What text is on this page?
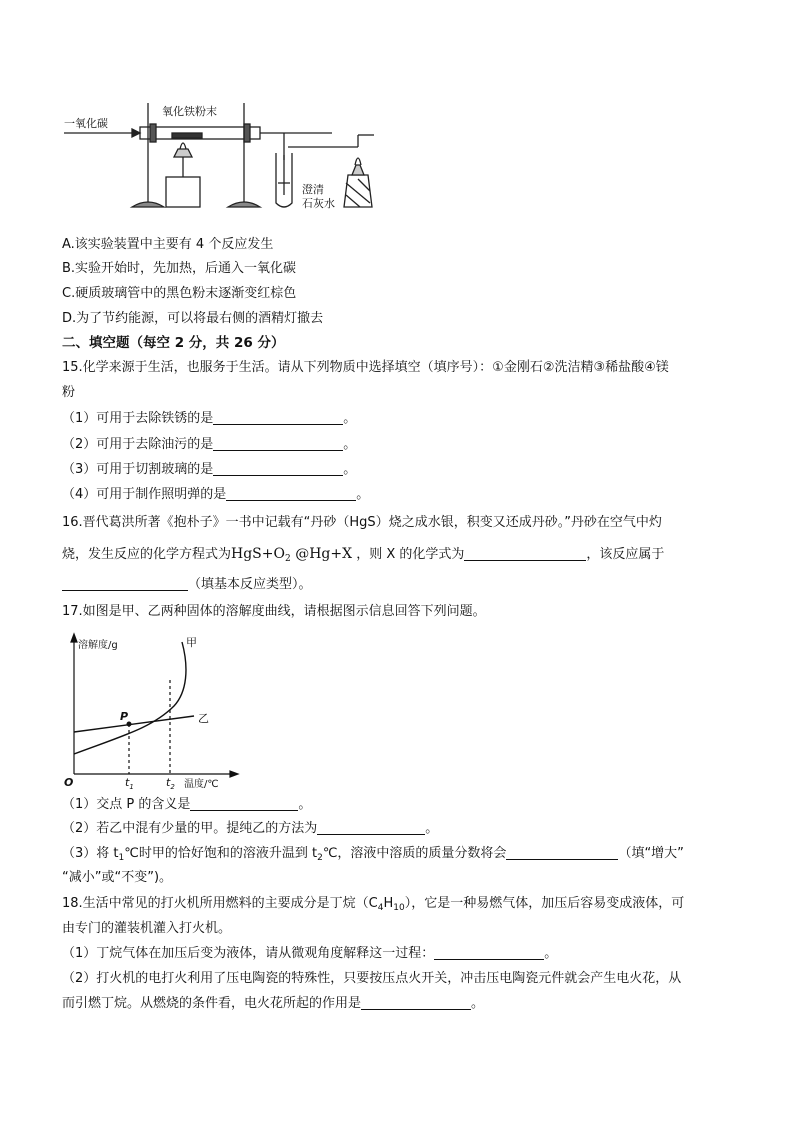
一氧化碳
氧化铁粉末
澄清
石灰水
A.该实验装置中主要有 4 个反应发生
B.实验开始时，先加热，后通入一氧化碳
C.硬质玻璃管中的黑色粉末逐渐变红棕色
D.为了节约能源，可以将最右侧的酒精灯撤去
二、填空题（每空 2 分，共 26 分）
15.化学来源于生活，也服务于生活。请从下列物质中选择填空（填序号）：①金刚石②洗洁精③稀盐酸④镁
粉
（1）可用于去除铁锈的是	。
（2）可用于去除油污的是	。
（3）可用于切割玻璃的是	。
（4）可用于制作照明弹的是	。
16.晋代葛洪所著《抱朴子》一书中记载有“丹砂（HgS）烧之成水银，积变又还成丹砂。”丹砂在空气中灼
烧，发生反应的化学方程式为$HgS+O_2$ @Hg+X ，则 X 的化学式为	，该反应属于
（填基本反应类型）。
17.如图是甲、乙两种固体的溶解度曲线，请根据图示信息回答下列问题。
溶解度/g	甲
乙
P
O	$t_1$	$t_2$ 温度/℃
（1）交点 P 的含义是	。
（2）若乙中混有少量的甲。提纯乙的方法为	。
（3）将 $t_1℃$时甲的恰好饱和的溶液升温到 $t_2℃$，溶液中溶质的质量分数将会	（填“增大”
“减小”或“不变”)。
18.生活中常见的打火机所用燃料的主要成分是丁烷$(C_4H_{10})$，它是一种易燃气体，加压后容易变成液体，可
由专门的灌装机灌入打火机。
（1）丁烷气体在加压后变为液体，请从微观角度解释这一过程：	。
（2）打火机的电打火利用了压电陶瓷的特殊性，只要按压点火开关，冲击压电陶瓷元件就会产生电火花，从
而引燃丁烷。从燃烧的条件看，电火花所起的作用是	。
